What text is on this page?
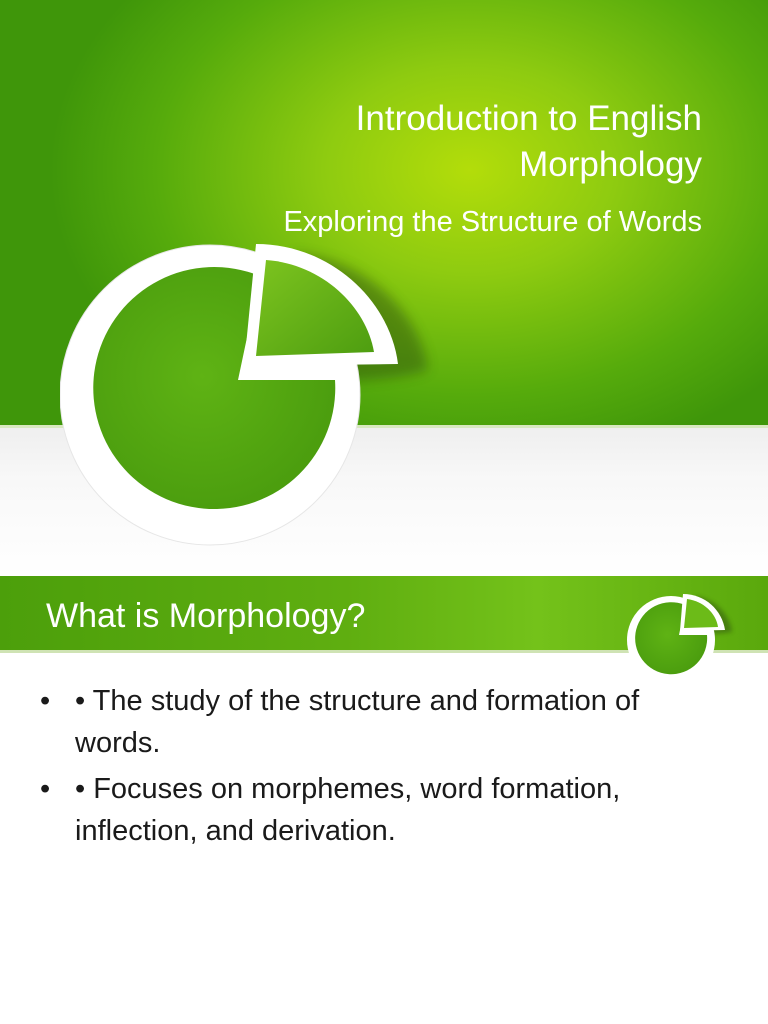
Introduction to English Morphology
Exploring the Structure of Words
What is Morphology?
• • The study of the structure and formation of words.
• • Focuses on morphemes, word formation, inflection, and derivation.
